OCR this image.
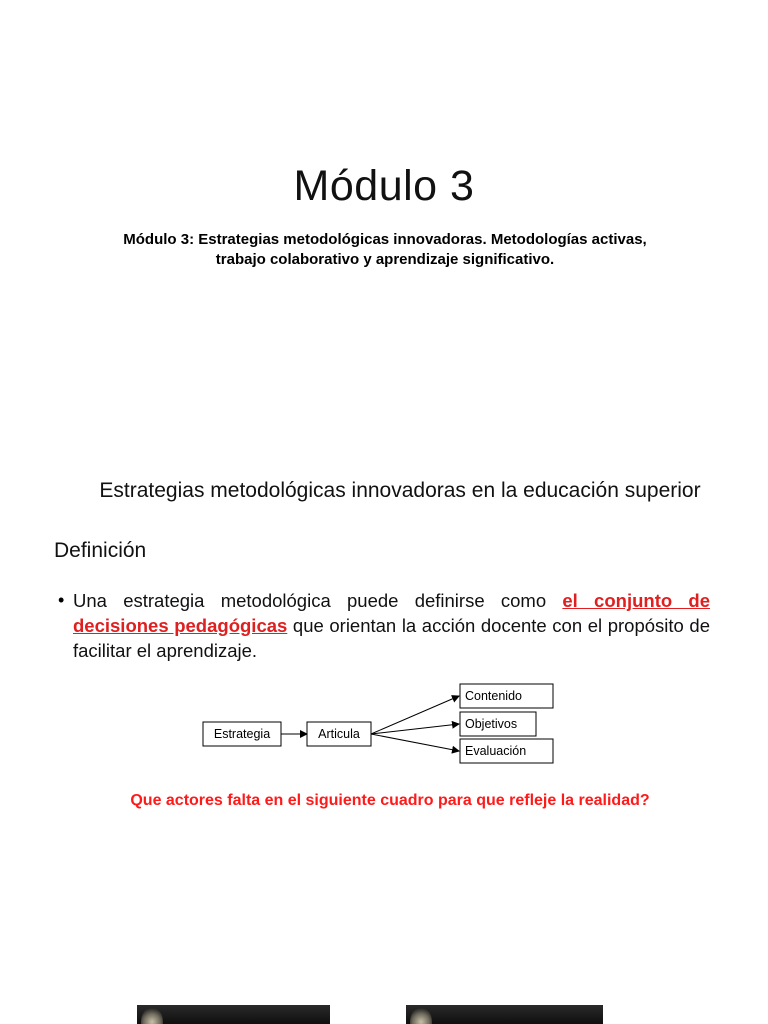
Módulo 3
Módulo 3: Estrategias metodológicas innovadoras. Metodologías activas, trabajo colaborativo y aprendizaje significativo.
Estrategias metodológicas innovadoras en la educación superior
Definición
• Una estrategia metodológica puede definirse como el conjunto de decisiones pedagógicas que orientan la acción docente con el propósito de facilitar el aprendizaje.
Estrategia	Articula
Contenido
Objetivos
Evaluación
Que actores falta en el siguiente cuadro para que refleje la realidad?
